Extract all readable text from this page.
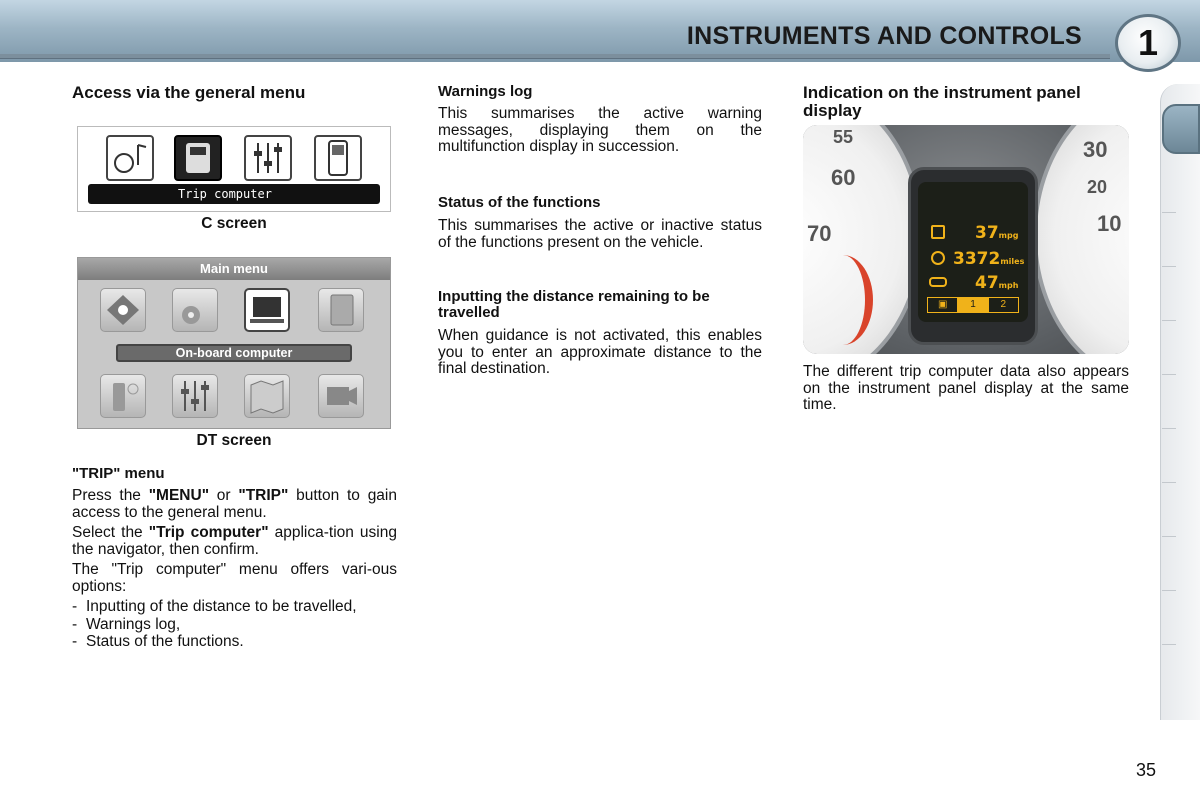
INSTRUMENTS AND CONTROLS	1
Access via the general menu
Trip computer
C screen
Main menu
On-board computer
DT screen
"TRIP" menu

Press the "MENU" or "TRIP" button to gain access to the general menu.

Select the "Trip computer" applica-tion using the navigator, then confirm.

The "Trip computer" menu offers vari-ous options:

- Inputting of the distance to be travelled,
- Warnings log,
- Status of the functions.
Warnings log

This summarises the active warning messages, displaying them on the multifunction display in succession.

Status of the functions

This summarises the active or inactive status of the functions present on the vehicle.

Inputting the distance remaining to be travelled

When guidance is not activated, this enables you to enter an approximate distance to the final destination.

Indication on the instrument panel display
55
60
70
30
20
10
37mpg
3372miles
47mph
▣	1	2

The different trip computer data also appears on the instrument panel display at the same time.

35
